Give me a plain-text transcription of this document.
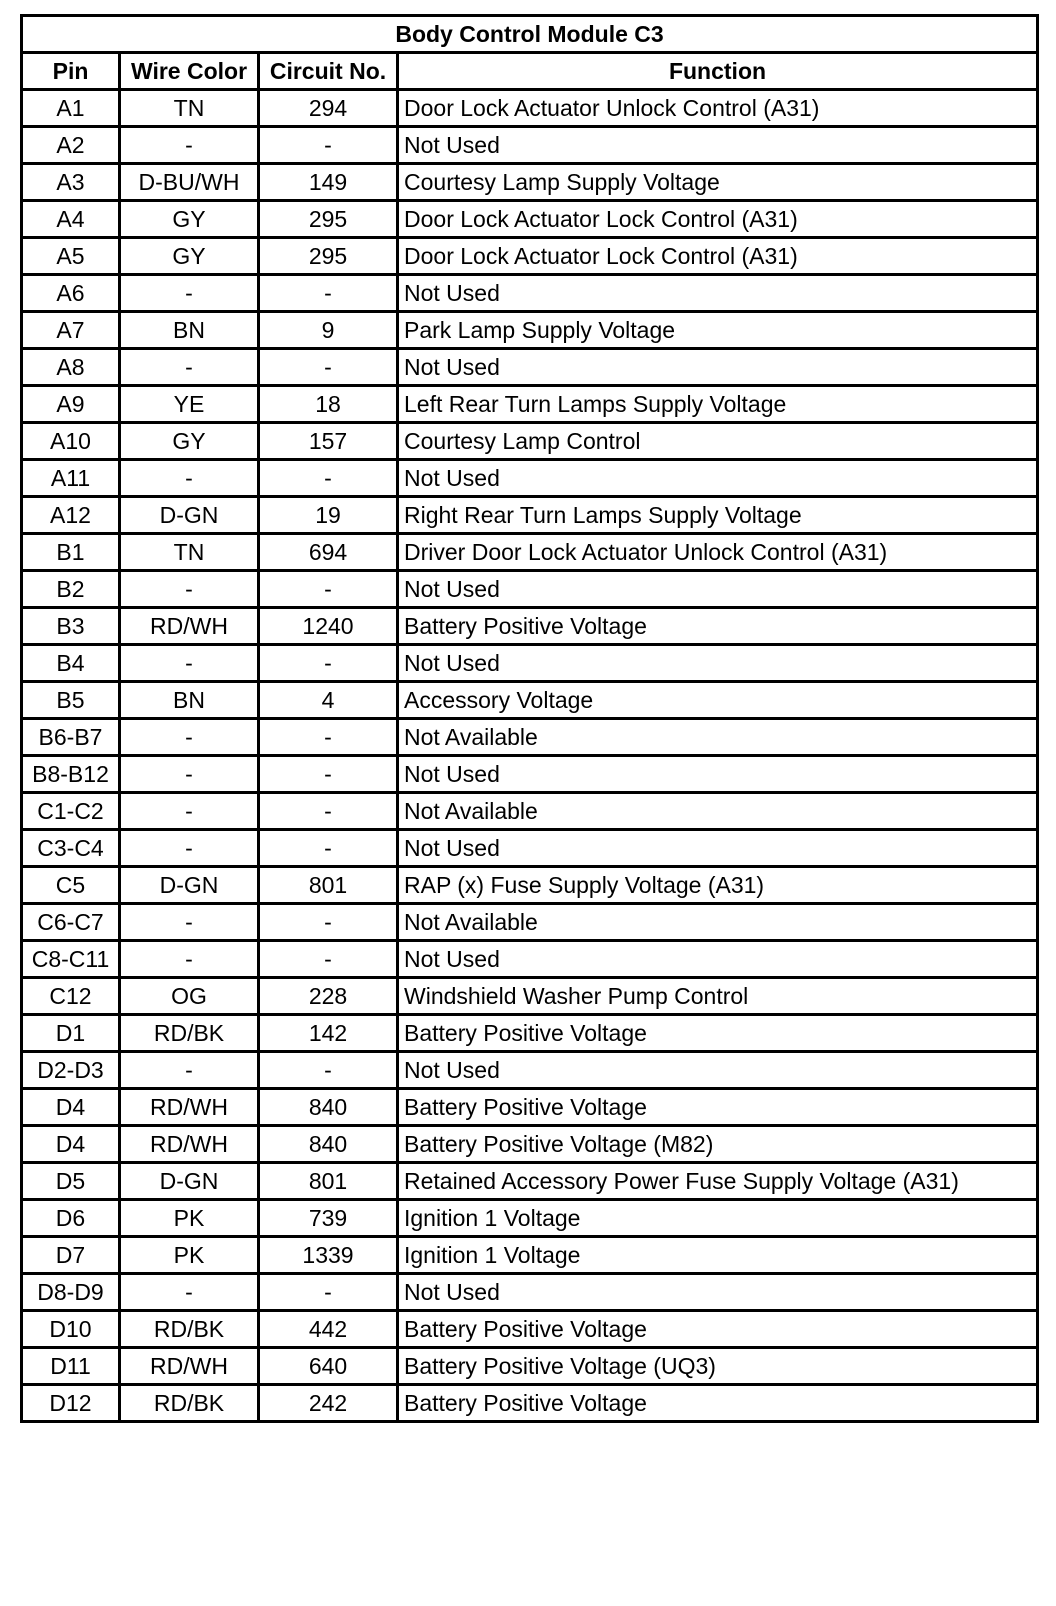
Body Control Module C3			
Pin	Wire Color	Circuit No.	Function
A1	TN	294	Door Lock Actuator Unlock Control (A31)
A2	-	-	Not Used
A3	D-BU/WH	149	Courtesy Lamp Supply Voltage
A4	GY	295	Door Lock Actuator Lock Control (A31)
A5	GY	295	Door Lock Actuator Lock Control (A31)
A6	-	-	Not Used
A7	BN	9	Park Lamp Supply Voltage
A8	-	-	Not Used
A9	YE	18	Left Rear Turn Lamps Supply Voltage
A10	GY	157	Courtesy Lamp Control
A11	-	-	Not Used
A12	D-GN	19	Right Rear Turn Lamps Supply Voltage
B1	TN	694	Driver Door Lock Actuator Unlock Control (A31)
B2	-	-	Not Used
B3	RD/WH	1240	Battery Positive Voltage
B4	-	-	Not Used
B5	BN	4	Accessory Voltage
B6-B7	-	-	Not Available
B8-B12	-	-	Not Used
C1-C2	-	-	Not Available
C3-C4	-	-	Not Used
C5	D-GN	801	RAP (x) Fuse Supply Voltage (A31)
C6-C7	-	-	Not Available
C8-C11	-	-	Not Used
C12	OG	228	Windshield Washer Pump Control
D1	RD/BK	142	Battery Positive Voltage
D2-D3	-	-	Not Used
D4	RD/WH	840	Battery Positive Voltage
D4	RD/WH	840	Battery Positive Voltage (M82)
D5	D-GN	801	Retained Accessory Power Fuse Supply Voltage (A31)
D6	PK	739	Ignition 1 Voltage
D7	PK	1339	Ignition 1 Voltage
D8-D9	-	-	Not Used
D10	RD/BK	442	Battery Positive Voltage
D11	RD/WH	640	Battery Positive Voltage (UQ3)
D12	RD/BK	242	Battery Positive Voltage
